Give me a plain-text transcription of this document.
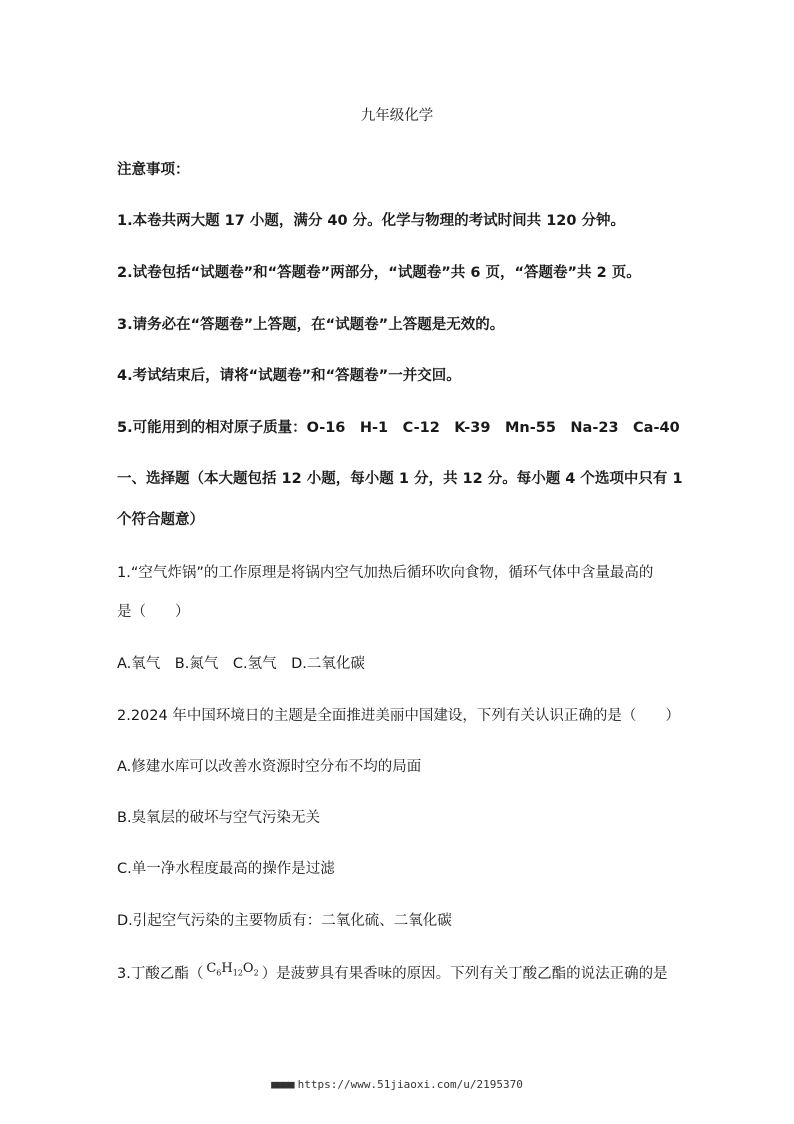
九年级化学
注意事项：
1.本卷共两大题 17 小题，满分 40 分。化学与物理的考试时间共 120 分钟。
2.试卷包括“试题卷”和“答题卷”两部分，“试题卷”共 6 页，“答题卷”共 2 页。
3.请务必在“答题卷”上答题，在“试题卷”上答题是无效的。
4.考试结束后，请将“试题卷”和“答题卷”一并交回。
5.可能用到的相对原子质量：O-16　H-1　C-12　K-39　Mn-55　Na-23　Ca-40
一、选择题（本大题包括 12 小题，每小题 1 分，共 12 分。每小题 4 个选项中只有 1
个符合题意）
1.“空气炸锅”的工作原理是将锅内空气加热后循环吹向食物，循环气体中含量最高的
是（　　）
A.氧气　B.氮气　C.氢气　D.二氧化碳
2.2024 年中国环境日的主题是全面推进美丽中国建设，下列有关认识正确的是（　　）
A.修建水库可以改善水资源时空分布不均的局面
B.臭氧层的破坏与空气污染无关
C.单一净水程度最高的操作是过滤
D.引起空气污染的主要物质有：二氧化硫、二氧化碳
3.丁酸乙酯（ $C_6H_{12}O_2$ ）是菠萝具有果香味的原因。下列有关丁酸乙酯的说法正确的是
■■■■ https://www.51jiaoxi.com/u/2195370
